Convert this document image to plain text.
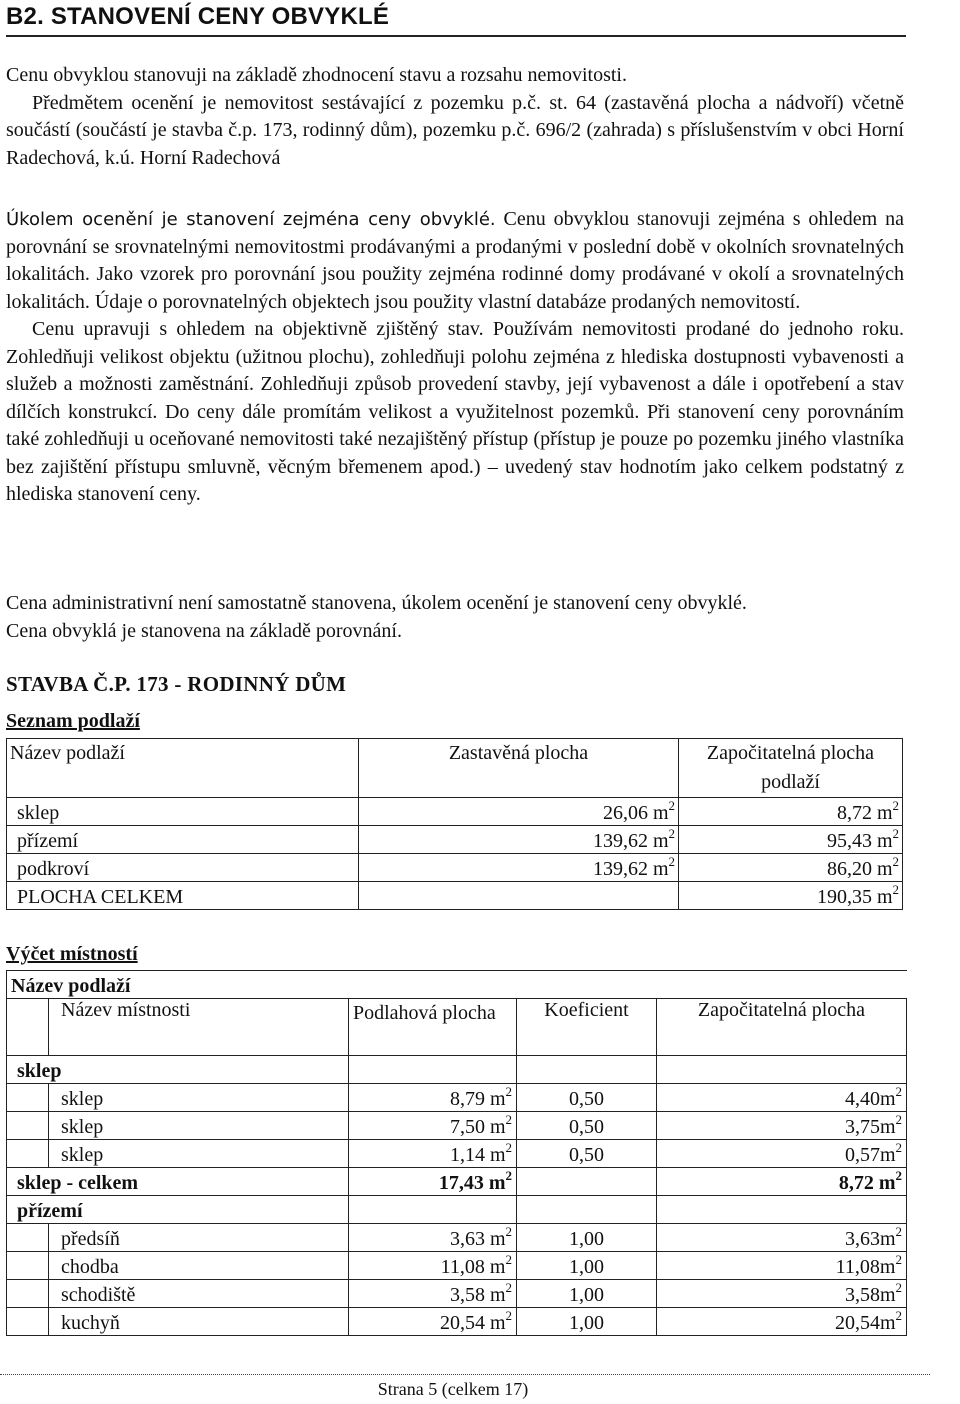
B2. STANOVENÍ CENY OBVYKLÉ

Cenu obvyklou stanovuji na základě zhodnocení stavu a rozsahu nemovitosti.

Předmětem ocenění je nemovitost sestávající z pozemku p.č. st. 64 (zastavěná plocha a nádvoří) včetně součástí (součástí je stavba č.p. 173, rodinný dům), pozemku p.č. 696/2 (zahrada) s příslušenstvím v obci Horní Radechová, k.ú. Horní Radechová

Úkolem ocenění je stanovení zejména ceny obvyklé. Cenu obvyklou stanovuji zejména s ohledem na porovnání se srovnatelnými nemovitostmi prodávanými a prodanými v poslední době v okolních srovnatelných lokalitách. Jako vzorek pro porovnání jsou použity zejména rodinné domy prodávané v okolí a srovnatelných lokalitách. Údaje o porovnatelných objektech jsou použity vlastní databáze prodaných nemovitostí.

Cenu upravuji s ohledem na objektivně zjištěný stav. Používám nemovitosti prodané do jednoho roku. Zohledňuji velikost objektu (užitnou plochu), zohledňuji polohu zejména z hlediska dostupnosti vybavenosti a služeb a možnosti zaměstnání. Zohledňuji způsob provedení stavby, její vybavenost a dále i opotřebení a stav dílčích konstrukcí. Do ceny dále promítám velikost a využitelnost pozemků. Při stanovení ceny porovnáním také zohledňuji u oceňované nemovitosti také nezajištěný přístup (přístup je pouze po pozemku jiného vlastníka bez zajištění přístupu smluvně, věcným břemenem apod.) – uvedený stav hodnotím jako celkem podstatný z hlediska stanovení ceny.

Cena administrativní není samostatně stanovena, úkolem ocenění je stanovení ceny obvyklé.

Cena obvyklá je stanovena na základě porovnání.

STAVBA Č.P. 173 - RODINNÝ DŮM
Seznam podlaží
Název podlaží	Zastavěná plocha	Započitatelná plocha podlaží
sklep	26,06 $m^2$	8,72 $m^2$
přízemí	139,62 $m^2$	95,43 $m^2$
podkroví	139,62 $m^2$	86,20 $m^2$
PLOCHA CELKEM		190,35 $m^2$
Výčet místností
Název podlaží				
	Název místnosti	Podlahová plocha	Koeficient	Započitatelná plocha
sklep				
	sklep	8,79 $m^2$	0,50	$4,40m^2$
	sklep	7,50 $m^2$	0,50	$3,75m^2$
	sklep	1,14 $m^2$	0,50	$0,57m^2$
sklep - celkem		17,43 $m^2$		8,72 $m^2$
přízemí				
	předsíň	3,63 $m^2$	1,00	$3,63m^2$
	chodba	11,08 $m^2$	1,00	$11,08m^2$
	schodiště	3,58 $m^2$	1,00	$3,58m^2$
	kuchyň	20,54 $m^2$	1,00	$20,54m^2$
Strana 5 (celkem 17)
